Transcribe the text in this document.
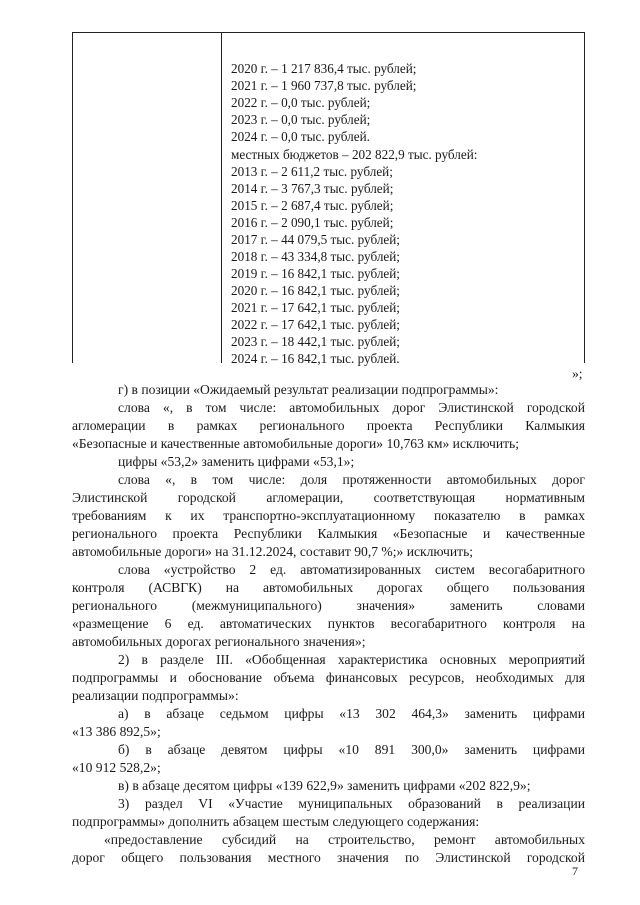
2020 г. – 1 217 836,4 тыс. рублей;
2021 г. – 1 960 737,8 тыс. рублей;
2022 г. – 0,0 тыс. рублей;
2023 г. – 0,0 тыс. рублей;
2024 г. – 0,0 тыс. рублей.
местных бюджетов – 202 822,9 тыс. рублей:
2013 г. – 2 611,2 тыс. рублей;
2014 г. – 3 767,3 тыс. рублей;
2015 г. – 2 687,4 тыс. рублей;
2016 г. – 2 090,1 тыс. рублей;
2017 г. – 44 079,5 тыс. рублей;
2018 г. – 43 334,8 тыс. рублей;
2019 г. – 16 842,1 тыс. рублей;
2020 г. – 16 842,1 тыс. рублей;
2021 г. – 17 642,1 тыс. рублей;
2022 г. – 17 642,1 тыс. рублей;
2023 г. – 18 442,1 тыс. рублей;
2024 г. – 16 842,1 тыс. рублей.
»;
г) в позиции «Ожидаемый результат реализации подпрограммы»:
слова «, в том числе: автомобильных дорог Элистинской городской
агломерации в рамках регионального проекта Республики Калмыкия
«Безопасные и качественные автомобильные дороги» 10,763 км» исключить;
цифры «53,2» заменить цифрами «53,1»;
слова «, в том числе: доля протяженности автомобильных дорог
Элистинской городской агломерации, соответствующая нормативным
требованиям к их транспортно-эксплуатационному показателю в рамках
регионального проекта Республики Калмыкия «Безопасные и качественные
автомобильные дороги» на 31.12.2024, составит 90,7 %;» исключить;
слова «устройство 2 ед. автоматизированных систем весогабаритного
контроля (АСВГК) на автомобильных дорогах общего пользования
регионального (межмуниципального) значения» заменить словами
«размещение 6 ед. автоматических пунктов весогабаритного контроля на
автомобильных дорогах регионального значения»;
2) в разделе III. «Обобщенная характеристика основных мероприятий
подпрограммы и обоснование объема финансовых ресурсов, необходимых для
реализации подпрограммы»:
а) в абзаце седьмом цифры «13 302 464,3» заменить цифрами
«13 386 892,5»;
б) в абзаце девятом цифры «10 891 300,0» заменить цифрами
«10 912 528,2»;
в) в абзаце десятом цифры «139 622,9» заменить цифрами «202 822,9»;
3) раздел VI «Участие муниципальных образований в реализации
подпрограммы» дополнить абзацем шестым следующего содержания:
«предоставление субсидий на строительство, ремонт автомобильных
дорог общего пользования местного значения по Элистинской городской
7
